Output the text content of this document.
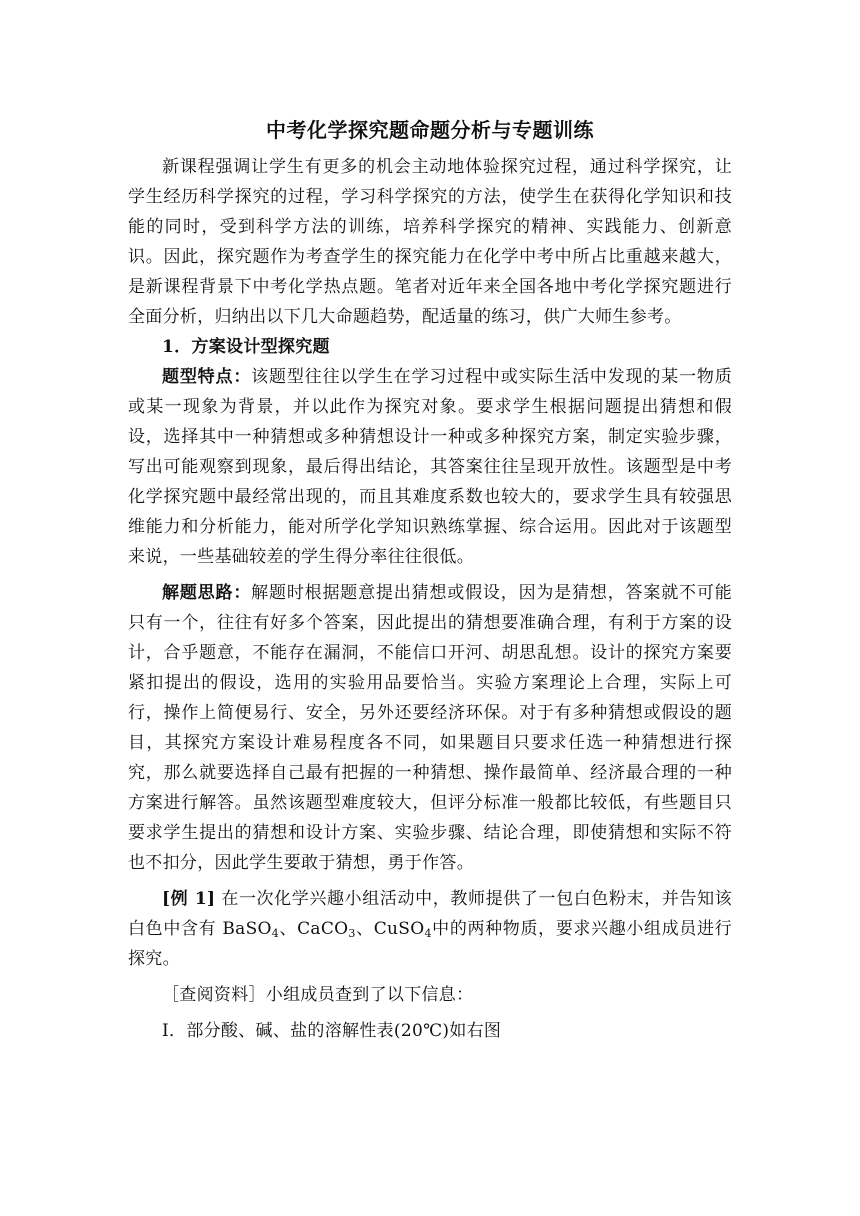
中考化学探究题命题分析与专题训练

新课程强调让学生有更多的机会主动地体验探究过程，通过科学探究，让学生经历科学探究的过程，学习科学探究的方法，使学生在获得化学知识和技能的同时，受到科学方法的训练，培养科学探究的精神、实践能力、创新意识。因此，探究题作为考查学生的探究能力在化学中考中所占比重越来越大，是新课程背景下中考化学热点题。笔者对近年来全国各地中考化学探究题进行全面分析，归纳出以下几大命题趋势，配适量的练习，供广大师生参考。

1．方案设计型探究题

题型特点：该题型往往以学生在学习过程中或实际生活中发现的某一物质或某一现象为背景，并以此作为探究对象。要求学生根据问题提出猜想和假设，选择其中一种猜想或多种猜想设计一种或多种探究方案，制定实验步骤，写出可能观察到现象，最后得出结论，其答案往往呈现开放性。该题型是中考化学探究题中最经常出现的，而且其难度系数也较大的，要求学生具有较强思维能力和分析能力，能对所学化学知识熟练掌握、综合运用。因此对于该题型来说，一些基础较差的学生得分率往往很低。

解题思路：解题时根据题意提出猜想或假设，因为是猜想，答案就不可能只有一个，往往有好多个答案，因此提出的猜想要准确合理，有利于方案的设计，合乎题意，不能存在漏洞，不能信口开河、胡思乱想。设计的探究方案要紧扣提出的假设，选用的实验用品要恰当。实验方案理论上合理，实际上可行，操作上简便易行、安全，另外还要经济环保。对于有多种猜想或假设的题目，其探究方案设计难易程度各不同，如果题目只要求任选一种猜想进行探究，那么就要选择自己最有把握的一种猜想、操作最简单、经济最合理的一种方案进行解答。虽然该题型难度较大，但评分标准一般都比较低，有些题目只要求学生提出的猜想和设计方案、实验步骤、结论合理，即使猜想和实际不符也不扣分，因此学生要敢于猜想，勇于作答。

[例 1] 在一次化学兴趣小组活动中，教师提供了一包白色粉末，并告知该白色中含有 BaSO$_4$、CaCO$_3$、CuSO$_4$中的两种物质，要求兴趣小组成员进行探究。

［查阅资料］小组成员查到了以下信息：

Ⅰ．部分酸、碱、盐的溶解性表(20℃)如右图
